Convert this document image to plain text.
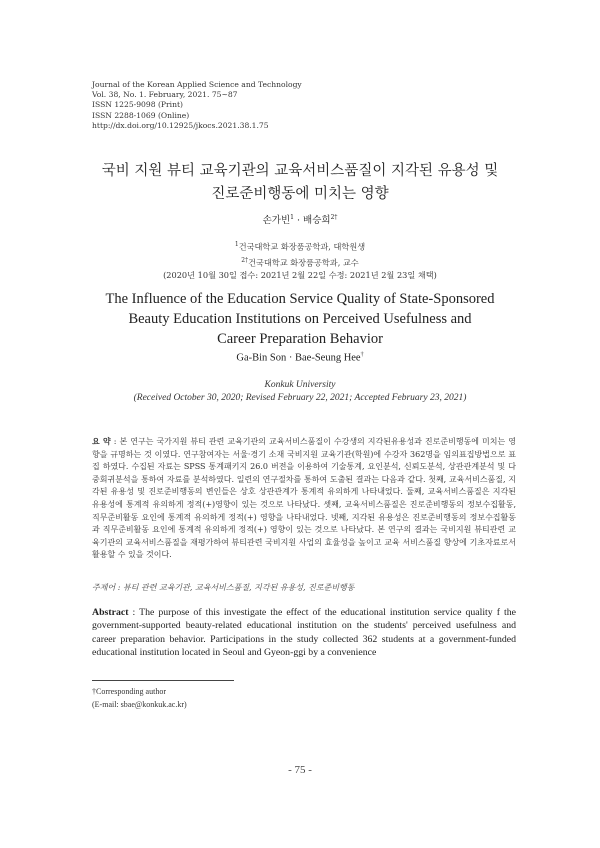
Journal of the Korean Applied Science and Technology
Vol. 38, No. 1. February, 2021. 75~87
ISSN 1225-9098 (Print)
ISSN 2288-1069 (Online)
http://dx.doi.org/10.12925/jkocs.2021.38.1.75
국비 지원 뷰티 교육기관의 교육서비스품질이 지각된 유용성 및
진로준비행동에 미치는 영향
손가빈$^1$ · 배승희$^{2\dagger}$
$^1$건국대학교 화장품공학과, 대학원생
$^{2\dagger}$건국대학교 화장품공학과, 교수
(2020년 10월 30일 접수: 2021년 2월 22일 수정: 2021년 2월 23일 채택)
The Influence of the Education Service Quality of State-Sponsored
Beauty Education Institutions on Perceived Usefulness and
Career Preparation Behavior
Ga-Bin Son · Bae-Seung Hee†
Konkuk University
(Received October 30, 2020; Revised February 22, 2021; Accepted February 23, 2021)
요 약 : 본 연구는 국가지원 뷰티 관련 교육기관의 교육서비스품질이 수강생의 지각된유용성과 진로준비행동에 미치는 영향을 규명하는 것 이였다. 연구참여자는 서울·경기 소재 국비지원 교육기관(학원)에 수강자 362명을 임의표집방법으로 표집 하였다. 수집된 자료는 SPSS 통계패키지 26.0 버전을 이용하여 기술통계, 요인분석, 신뢰도분석, 상관관계분석 및 다중회귀분석을 통하여 자료를 분석하였다. 일련의 연구절차를 통하여 도출된 결과는 다음과 같다. 첫째, 교육서비스품질, 지각된 유용성 및 진로준비행동의 변인들은 상호 상관관계가 통계적 유의하게 나타내었다. 둘째, 교육서비스품질은 지각된 유용성에 통계적 유의하게 정적(+)영향이 있는 것으로 나타났다. 셋째, 교육서비스품질은 진로준비행동의 정보수집활동, 직무준비활동 요인에 통계적 유의하게 정적(+) 영향을 나타내었다. 넷째, 지각된 유용성은 진로준비행동의 정보수집활동과 직무준비활동 요인에 통계적 유의하게 정적(+) 영향이 있는 것으로 나타났다. 본 연구의 결과는 국비지원 뷰티관련 교육기관의 교육서비스품질을 재평가하여 뷰티관련 국비지원 사업의 효율성을 높이고 교육 서비스품질 향상에 기초자료로서 활용할 수 있을 것이다.
주제어 : 뷰티 관련 교육기관, 교육서비스품질, 지각된 유용성, 진로준비행동
Abstract : The purpose of this investigate the effect of the educational institution service quality f the government-supported beauty-related educational institution on the students' perceived usefulness and career preparation behavior. Participations in the study collected 362 students at a government-funded educational institution located in Seoul and Gyeon-ggi by a convenience
†Corresponding author
(E-mail: sbae@konkuk.ac.kr)
- 75 -
